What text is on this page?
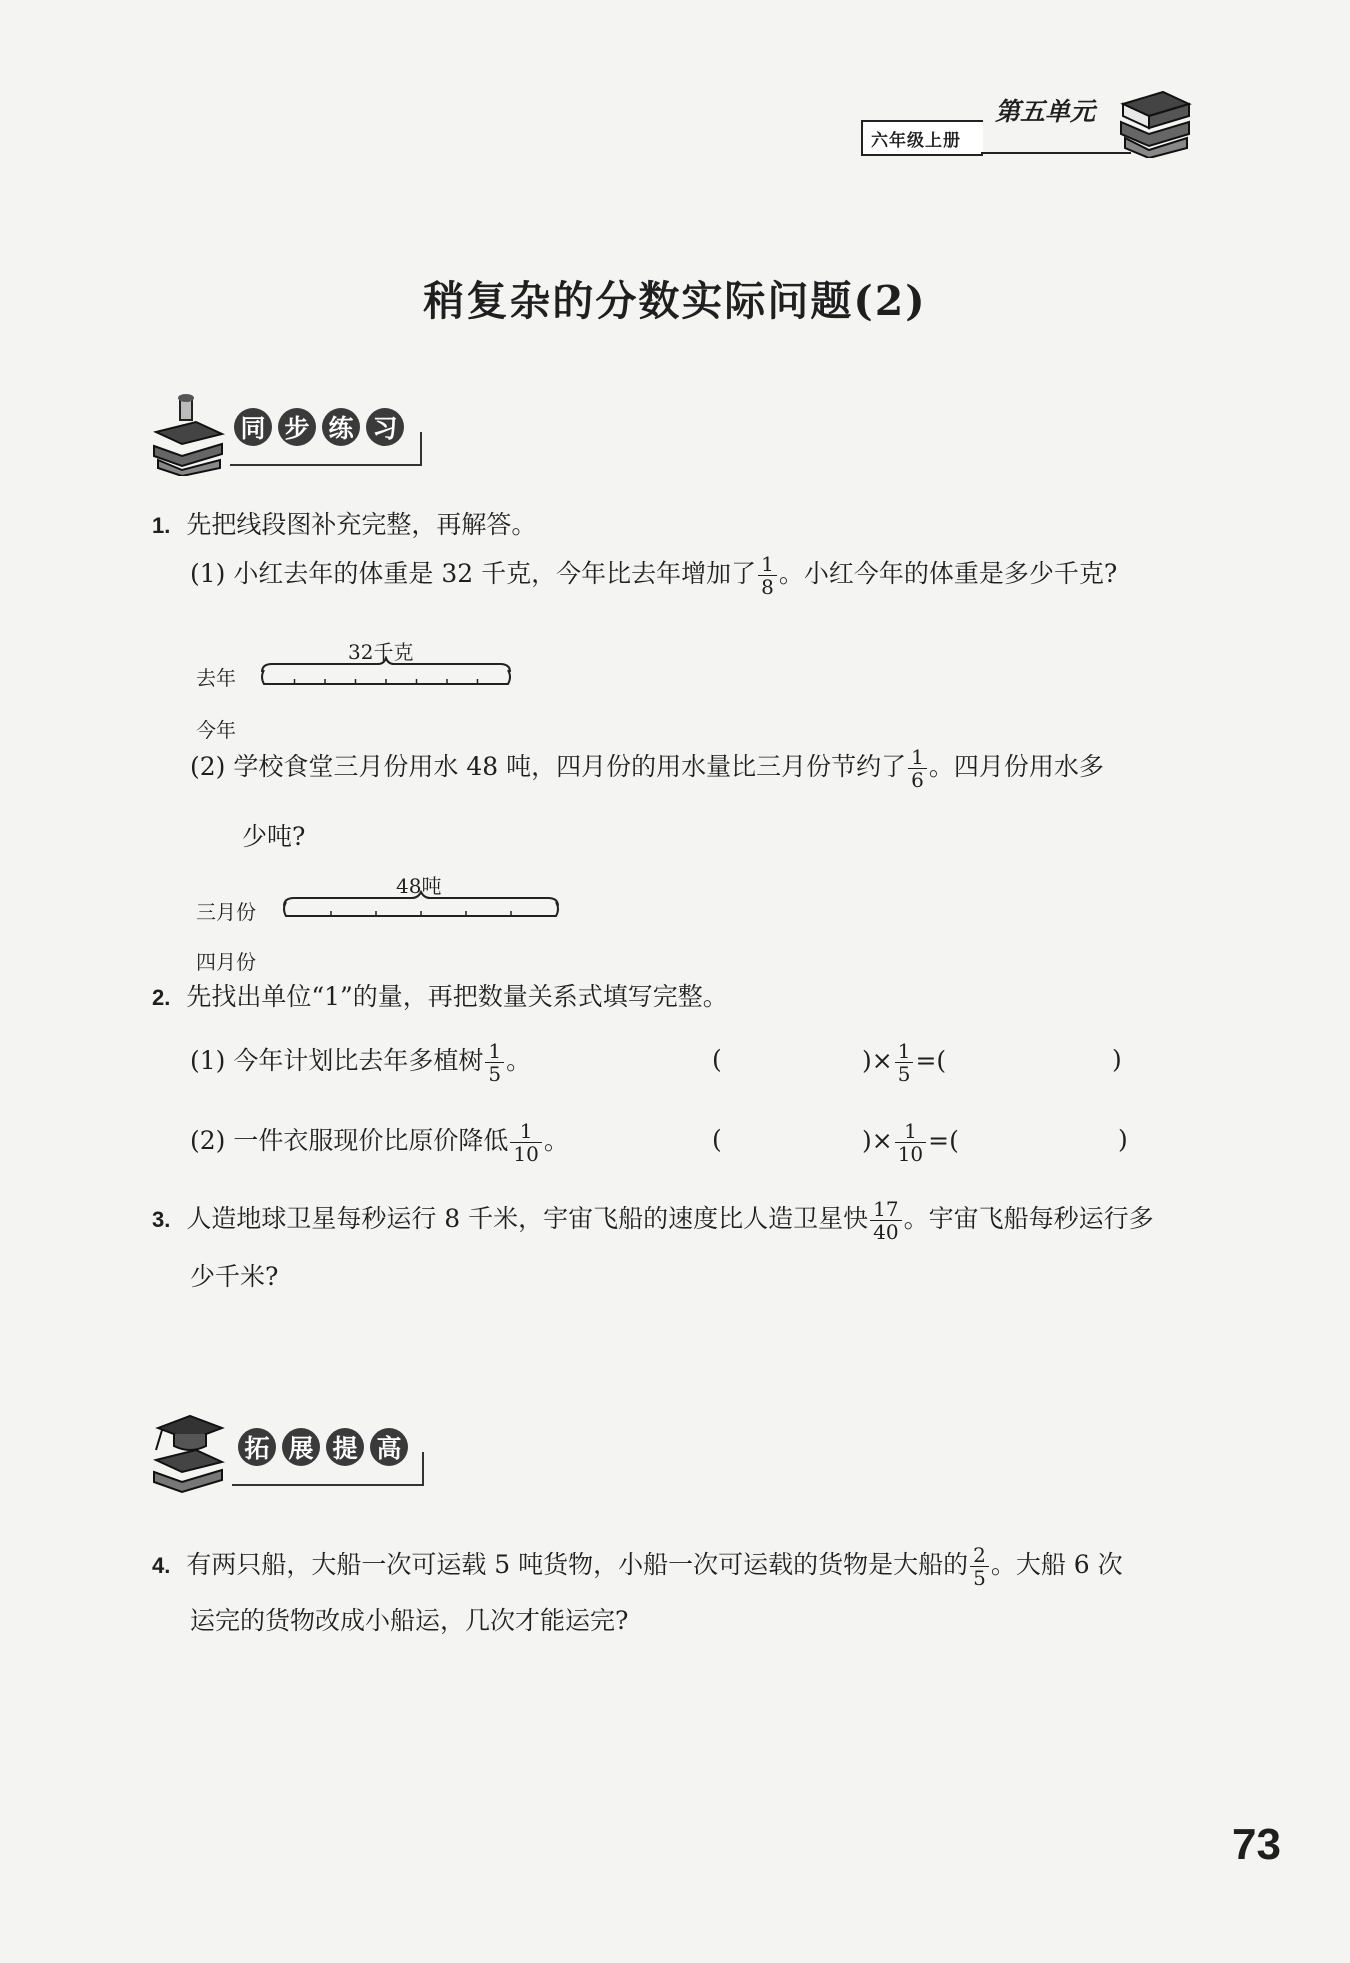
六年级上册
第五单元
稍复杂的分数实际问题(2)
同 步 练 习
1. 先把线段图补充完整，再解答。
(1) 小红去年的体重是 32 千克，今年比去年增加了 $\frac{1}{8}$ 。小红今年的体重是多少千克?
32千克
去年
今年
(2) 学校食堂三月份用水 48 吨，四月份的用水量比三月份节约了 $\frac{1}{6}$ 。四月份用水多
少吨?
48吨
三月份
四月份
2. 先找出单位“1”的量，再把数量关系式填写完整。
(1) 今年计划比去年多植树 $\frac{1}{5}$ 。	(	)× $\frac{1}{5}$ =(	)
(2) 一件衣服现价比原价降低 $\frac{1}{10}$ 。	(	)× $\frac{1}{10}$ =(	)
3. 人造地球卫星每秒运行 8 千米，宇宙飞船的速度比人造卫星快 $\frac{17}{40}$ 。宇宙飞船每秒运行多
少千米?
拓 展 提 高
4. 有两只船，大船一次可运载 5 吨货物，小船一次可运载的货物是大船的 $\frac{2}{5}$ 。大船 6 次
运完的货物改成小船运，几次才能运完?
73
